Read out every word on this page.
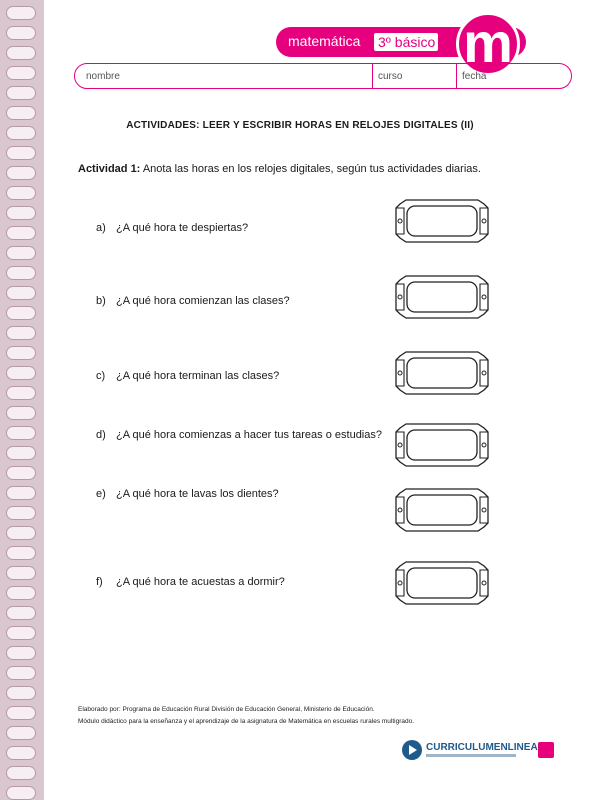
matemática 3º básico m
nombre	curso	fecha
ACTIVIDADES: LEER Y ESCRIBIR HORAS EN RELOJES DIGITALES (II)
Actividad 1: Anota las horas en los relojes digitales, según tus actividades diarias.
a) ¿A qué hora te despiertas?
b) ¿A qué hora comienzan las clases?
c) ¿A qué hora terminan las clases?
d) ¿A qué hora comienzas a hacer tus tareas o estudias?
e) ¿A qué hora te lavas los dientes?
f) ¿A qué hora te acuestas a dormir?
Elaborado por: Programa de Educación Rural División de Educación General, Ministerio de Educación.
Módulo didáctico para la enseñanza y el aprendizaje de la asignatura de Matemática en escuelas rurales multigrado.
CURRICULUMENLINEA
